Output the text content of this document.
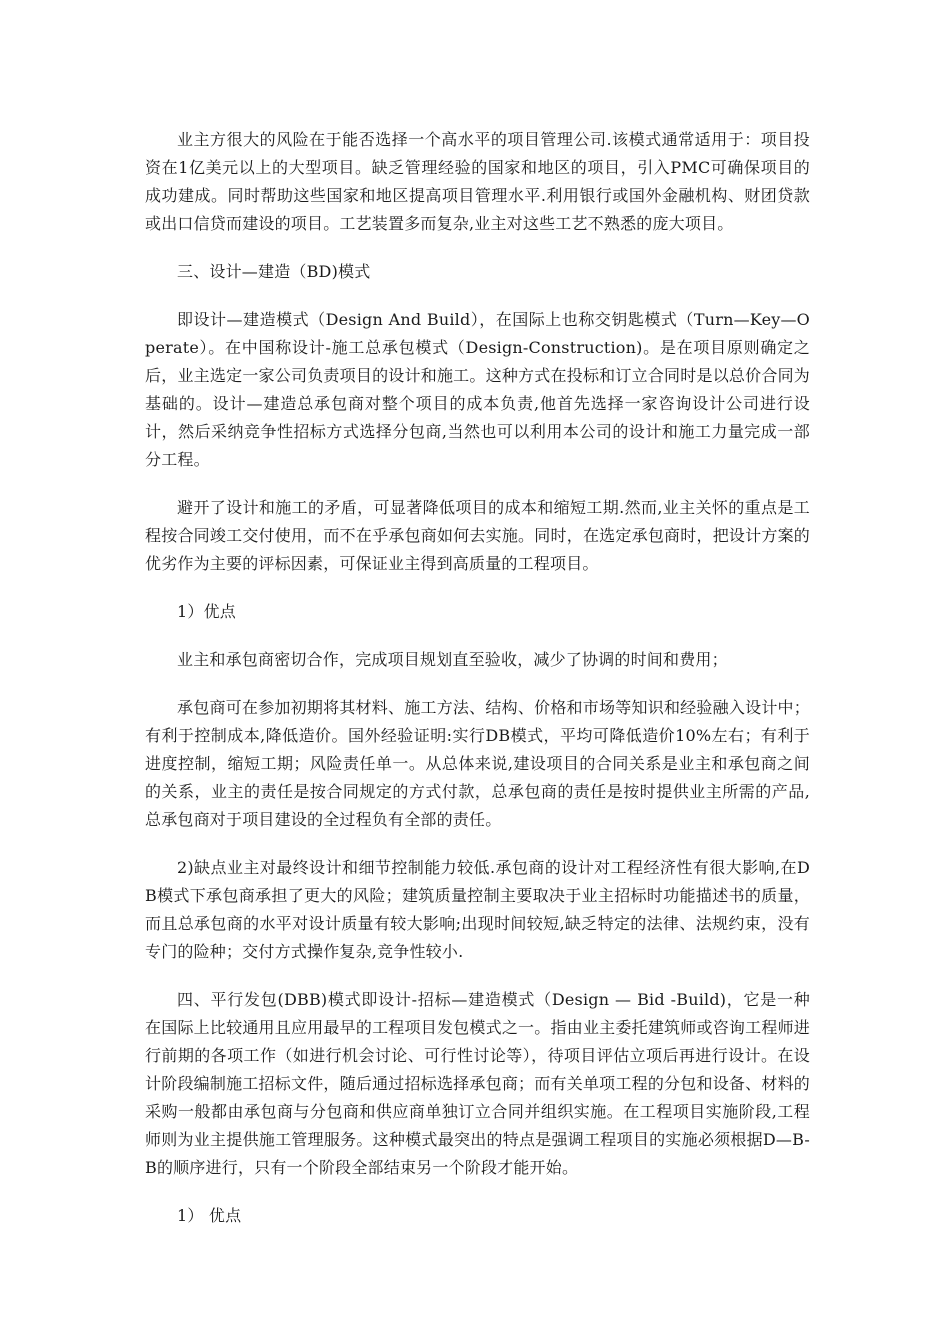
业主方很大的风险在于能否选择一个高水平的项目管理公司.该模式通常适用于：项目投资在1亿美元以上的大型项目。缺乏管理经验的国家和地区的项目，引入PMC可确保项目的成功建成。同时帮助这些国家和地区提高项目管理水平.利用银行或国外金融机构、财团贷款或出口信贷而建设的项目。工艺装置多而复杂,业主对这些工艺不熟悉的庞大项目。

三、设计—建造（BD)模式

即设计—建造模式（Design And Build），在国际上也称交钥匙模式（Turn—Key—Operate）。在中国称设计-施工总承包模式（Design-Construction)。是在项目原则确定之后，业主选定一家公司负责项目的设计和施工。这种方式在投标和订立合同时是以总价合同为基础的。设计—建造总承包商对整个项目的成本负责,他首先选择一家咨询设计公司进行设计，然后采纳竞争性招标方式选择分包商,当然也可以利用本公司的设计和施工力量完成一部分工程。

避开了设计和施工的矛盾，可显著降低项目的成本和缩短工期.然而,业主关怀的重点是工程按合同竣工交付使用，而不在乎承包商如何去实施。同时，在选定承包商时，把设计方案的优劣作为主要的评标因素，可保证业主得到高质量的工程项目。

1）优点

业主和承包商密切合作，完成项目规划直至验收，减少了协调的时间和费用；

承包商可在参加初期将其材料、施工方法、结构、价格和市场等知识和经验融入设计中；有利于控制成本,降低造价。国外经验证明:实行DB模式，平均可降低造价10%左右；有利于进度控制，缩短工期；风险责任单一。从总体来说,建设项目的合同关系是业主和承包商之间的关系，业主的责任是按合同规定的方式付款，总承包商的责任是按时提供业主所需的产品,总承包商对于项目建设的全过程负有全部的责任。

2)缺点业主对最终设计和细节控制能力较低.承包商的设计对工程经济性有很大影响,在DB模式下承包商承担了更大的风险；建筑质量控制主要取决于业主招标时功能描述书的质量，而且总承包商的水平对设计质量有较大影响;出现时间较短,缺乏特定的法律、法规约束，没有专门的险种；交付方式操作复杂,竞争性较小.

四、平行发包(DBB)模式即设计-招标—建造模式（Design — Bid -Build)，它是一种在国际上比较通用且应用最早的工程项目发包模式之一。指由业主委托建筑师或咨询工程师进行前期的各项工作（如进行机会讨论、可行性讨论等），待项目评估立项后再进行设计。在设计阶段编制施工招标文件，随后通过招标选择承包商；而有关单项工程的分包和设备、材料的采购一般都由承包商与分包商和供应商单独订立合同并组织实施。在工程项目实施阶段,工程师则为业主提供施工管理服务。这种模式最突出的特点是强调工程项目的实施必须根据D—B-B的顺序进行，只有一个阶段全部结束另一个阶段才能开始。

1） 优点
